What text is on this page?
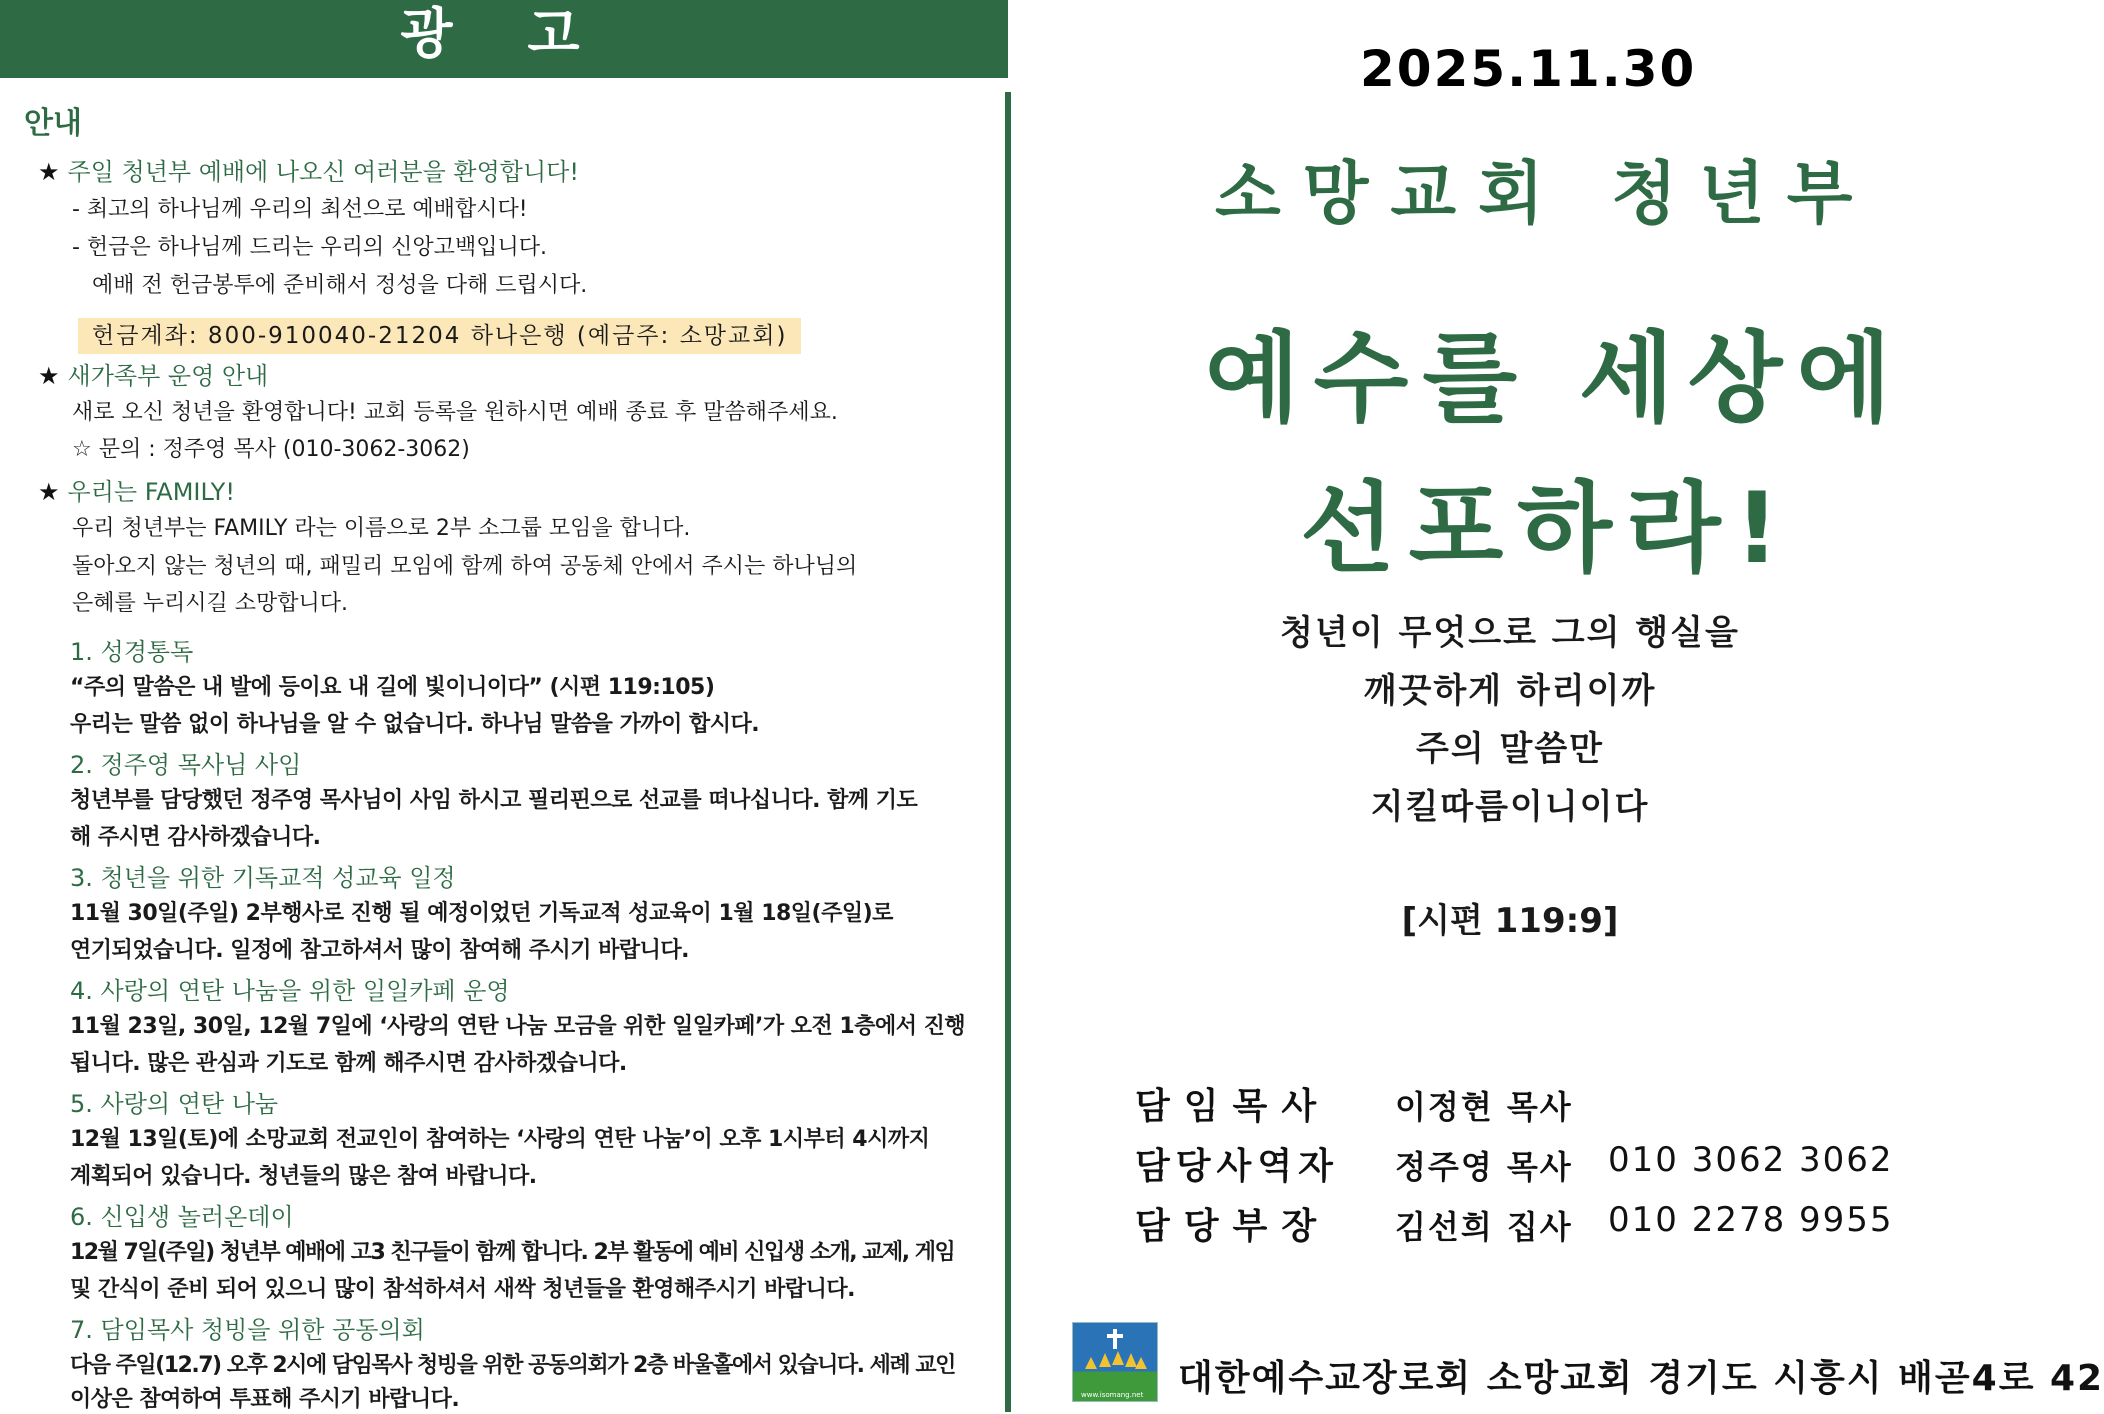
광 고
안내
★ 주일 청년부 예배에 나오신 여러분을 환영합니다!
- 최고의 하나님께 우리의 최선으로 예배합시다!
- 헌금은 하나님께 드리는 우리의 신앙고백입니다.
예배 전 헌금봉투에 준비해서 정성을 다해 드립시다.
헌금계좌: 800-910040-21204 하나은행 (예금주: 소망교회)
★ 새가족부 운영 안내
새로 오신 청년을 환영합니다! 교회 등록을 원하시면 예배 종료 후 말씀해주세요.
☆ 문의 : 정주영 목사 (010-3062-3062)
★ 우리는 FAMILY!
우리 청년부는 FAMILY 라는 이름으로 2부 소그룹 모임을 합니다.
돌아오지 않는 청년의 때, 패밀리 모임에 함께 하여 공동체 안에서 주시는 하나님의
은혜를 누리시길 소망합니다.
1. 성경통독
“주의 말씀은 내 발에 등이요 내 길에 빛이니이다” (시편 119:105)
우리는 말씀 없이 하나님을 알 수 없습니다. 하나님 말씀을 가까이 합시다.
2. 정주영 목사님 사임
청년부를 담당했던 정주영 목사님이 사임 하시고 필리핀으로 선교를 떠나십니다. 함께 기도
해 주시면 감사하겠습니다.
3. 청년을 위한 기독교적 성교육 일정
11월 30일(주일) 2부행사로 진행 될 예정이었던 기독교적 성교육이 1월 18일(주일)로
연기되었습니다. 일정에 참고하셔서 많이 참여해 주시기 바랍니다.
4. 사랑의 연탄 나눔을 위한 일일카페 운영
11월 23일, 30일, 12월 7일에 ‘사랑의 연탄 나눔 모금을 위한 일일카페’가 오전 1층에서 진행
됩니다. 많은 관심과 기도로 함께 해주시면 감사하겠습니다.
5. 사랑의 연탄 나눔
12월 13일(토)에 소망교회 전교인이 참여하는 ‘사랑의 연탄 나눔’이 오후 1시부터 4시까지
계획되어 있습니다. 청년들의 많은 참여 바랍니다.
6. 신입생 놀러온데이
12월 7일(주일) 청년부 예배에 고3 친구들이 함께 합니다. 2부 활동에 예비 신입생 소개, 교제, 게임
및 간식이 준비 되어 있으니 많이 참석하셔서 새싹 청년들을 환영해주시기 바랍니다.
7. 담임목사 청빙을 위한 공동의회
다음 주일(12.7) 오후 2시에 담임목사 청빙을 위한 공동의회가 2층 바울홀에서 있습니다. 세례 교인
이상은 참여하여 투표해 주시기 바랍니다.
2025.11.30
소망교회 청년부
예수를 세상에
선포하라!
청년이 무엇으로 그의 행실을
깨끗하게 하리이까
주의 말씀만
지킬따름이니이다
[시편 119:9]
담임목사 이정현 목사
담당사역자 정주영 목사 010 3062 3062
담당부장 김선희 집사 010 2278 9955
www.isomang.net 대한예수교장로회 소망교회 경기도 시흥시 배곧4로 42
